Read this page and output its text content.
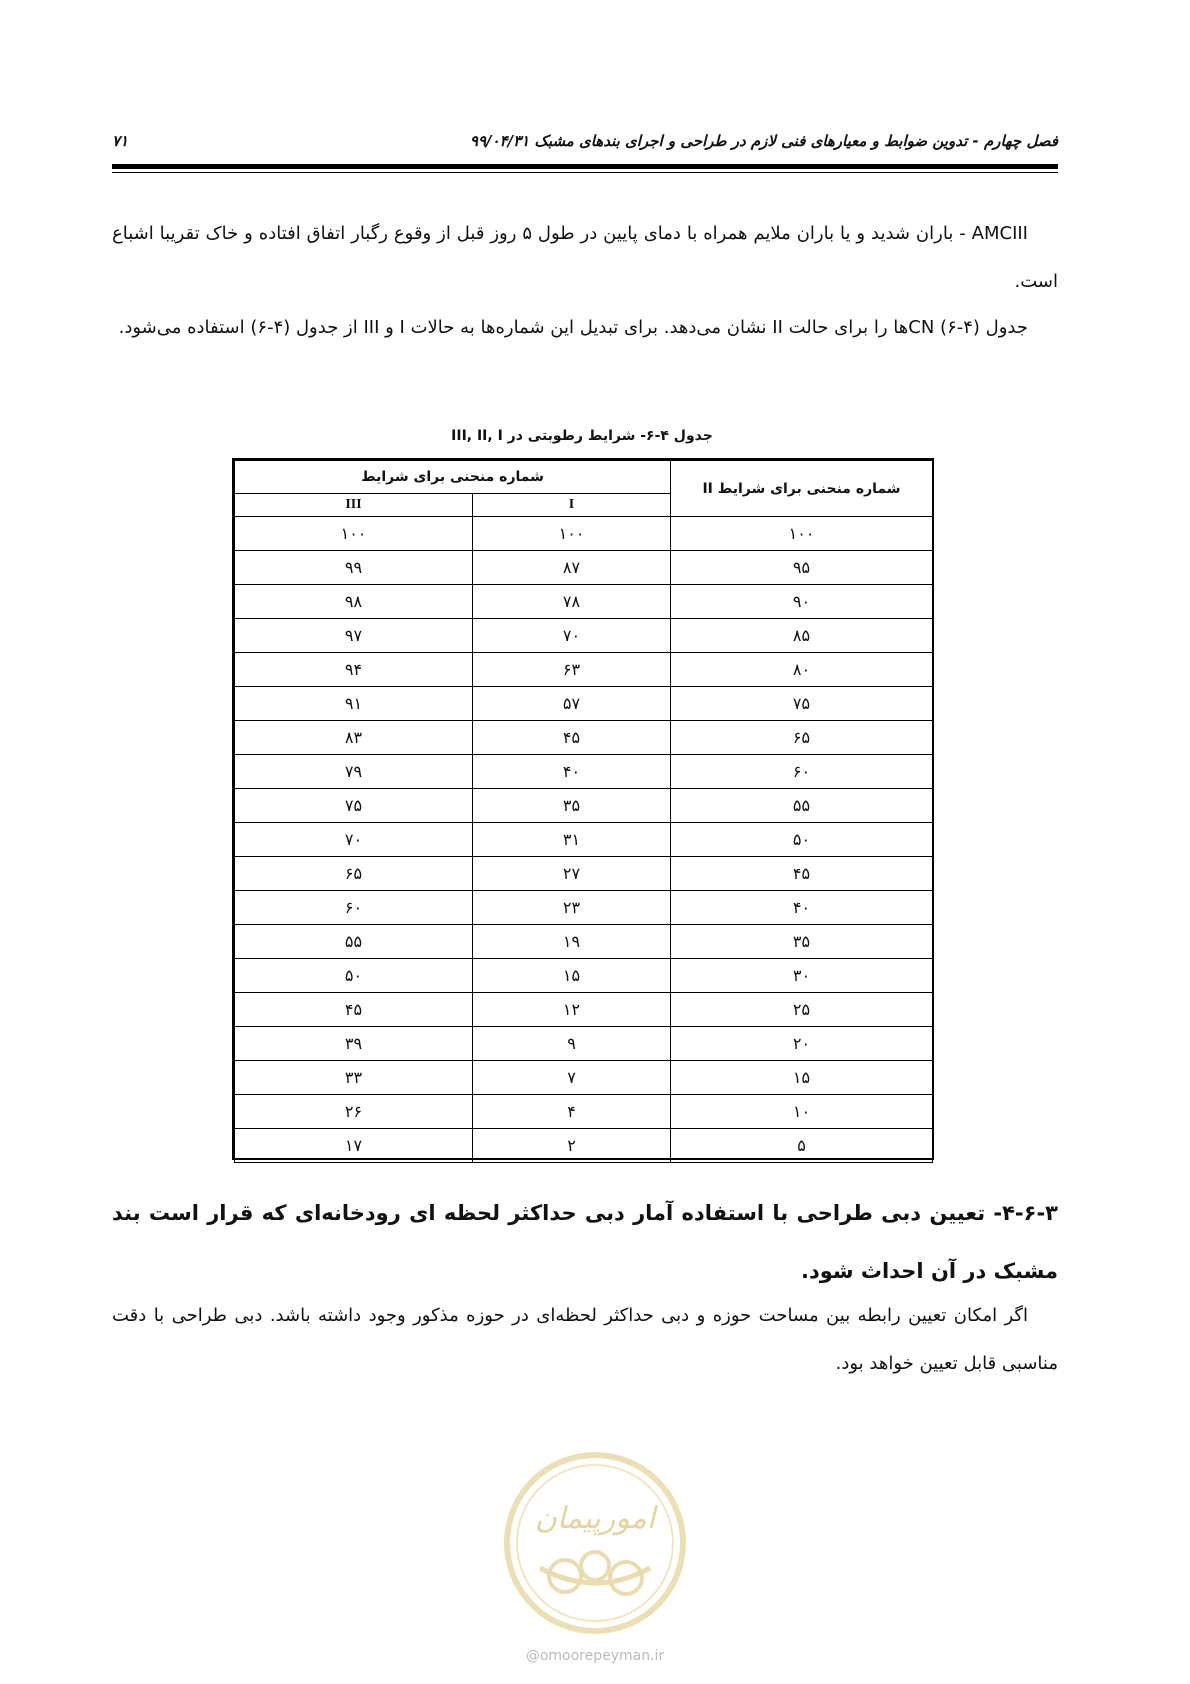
فصل چهارم - تدوین ضوابط و معیارهای فنی لازم در طراحی و اجرای بندهای مشبک ۹۹/۰۴/۳۱
۷۱
AMCIII - باران شدید و یا باران ملایم همراه با دمای پایین در طول ۵ روز قبل از وقوع رگبار اتفاق افتاده و خاک تقریبا اشباع است.
جدول (۴-۶) CNها را برای حالت II نشان می‌دهد. برای تبدیل این شماره‌ها به حالات I و III از جدول (۴-۶) استفاده می‌شود.
جدول ۴-۶- شرایط رطوبتی در III, II, I
شماره منحنی برای شرایط II	شماره منحنی برای شرایط	
	I	III
۱۰۰	۱۰۰	۱۰۰
۹۵	۸۷	۹۹
۹۰	۷۸	۹۸
۸۵	۷۰	۹۷
۸۰	۶۳	۹۴
۷۵	۵۷	۹۱
۶۵	۴۵	۸۳
۶۰	۴۰	۷۹
۵۵	۳۵	۷۵
۵۰	۳۱	۷۰
۴۵	۲۷	۶۵
۴۰	۲۳	۶۰
۳۵	۱۹	۵۵
۳۰	۱۵	۵۰
۲۵	۱۲	۴۵
۲۰	۹	۳۹
۱۵	۷	۳۳
۱۰	۴	۲۶
۵	۲	۱۷
۴-۶-۳- تعیین دبی طراحی با استفاده آمار دبی حداکثر لحظه ای رودخانه‌ای که قرار است بند مشبک در آن احداث شود.
اگر امکان تعیین رابطه بین مساحت حوزه و دبی حداکثر لحظه‌ای در حوزه مذکور وجود داشته باشد. دبی طراحی با دقت مناسبی قابل تعیین خواهد بود.
امورپیمان
@omoorepeyman.ir
